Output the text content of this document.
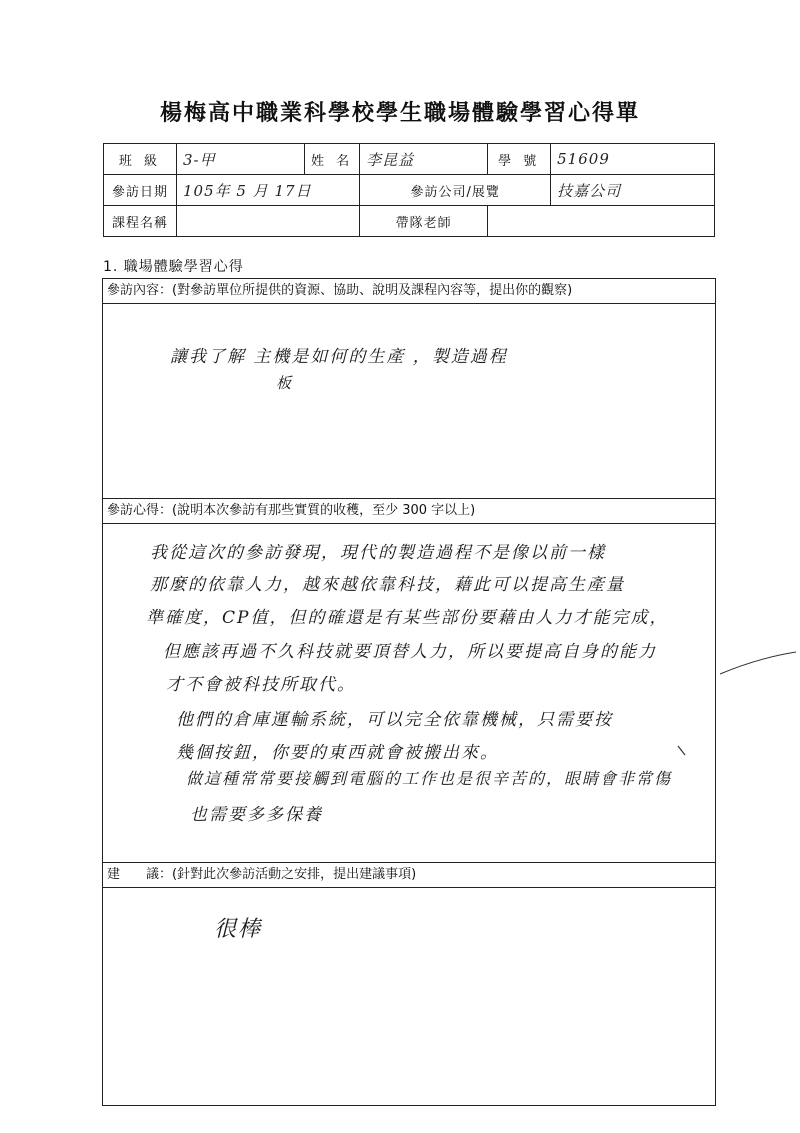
楊梅高中職業科學校學生職場體驗學習心得單
班 級	3-甲	姓 名	李昆益	學 號	51609
參訪日期	105年 5 月 17日		參訪公司/展覽		技嘉公司
課程名稱			帶隊老師		
1. 職場體驗學習心得
參訪內容：(對參訪單位所提供的資源、協助、說明及課程內容等，提出你的觀察)
讓我了解 主機是如何的生產 ，製造過程
板
參訪心得：(說明本次參訪有那些實質的收穫，至少 300 字以上)
我從這次的參訪發現，現代的製造過程不是像以前一樣
那麼的依靠人力，越來越依靠科技，藉此可以提高生產量
準確度，CP值，但的確還是有某些部份要藉由人力才能完成，
但應該再過不久科技就要頂替人力，所以要提高自身的能力
才不會被科技所取代。
他們的倉庫運輸系統，可以完全依靠機械，只需要按
幾個按鈕，你要的東西就會被搬出來。
做這種常常要接觸到電腦的工作也是很辛苦的，眼睛會非常傷
也需要多多保養
建　　議：(針對此次參訪活動之安排，提出建議事項)
很棒
